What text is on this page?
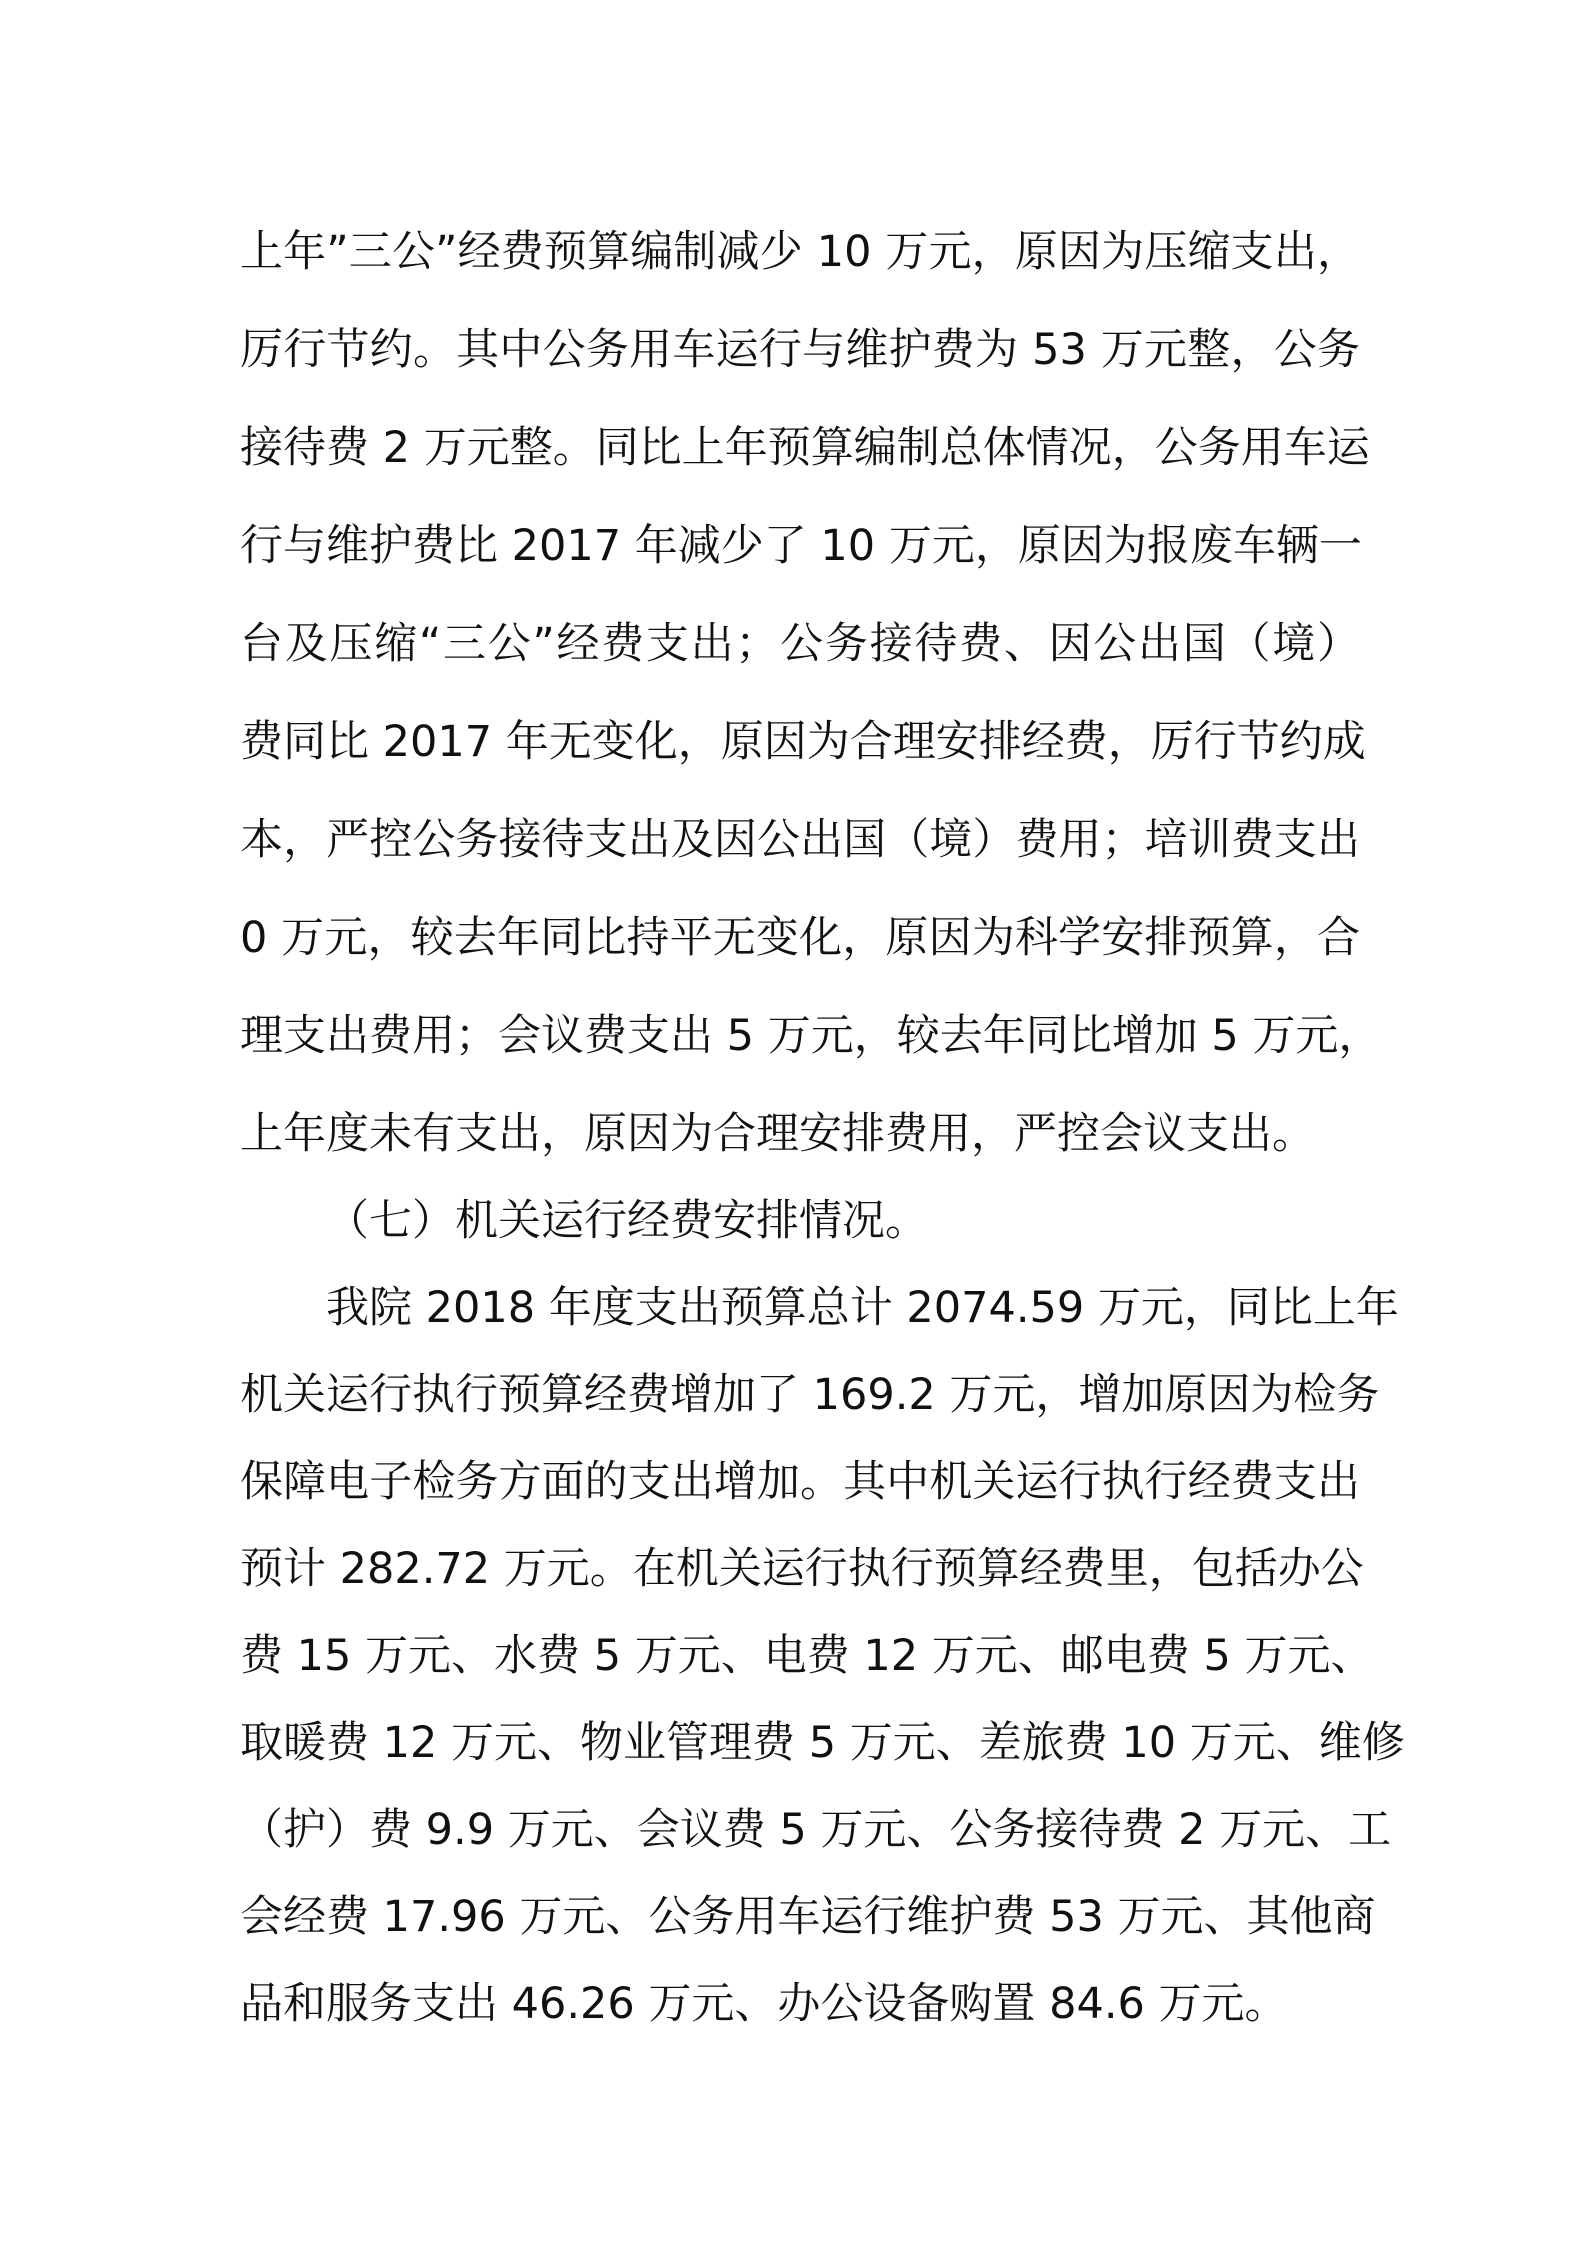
上年”三公”经费预算编制减少 10 万元，原因为压缩支出，
厉行节约。其中公务用车运行与维护费为 53 万元整，公务
接待费 2 万元整。同比上年预算编制总体情况，公务用车运
行与维护费比 2017 年减少了 10 万元，原因为报废车辆一
台及压缩“三公”经费支出；公务接待费、因公出国（境）
费同比 2017 年无变化，原因为合理安排经费，厉行节约成
本，严控公务接待支出及因公出国（境）费用；培训费支出
0 万元，较去年同比持平无变化，原因为科学安排预算，合
理支出费用；会议费支出 5 万元，较去年同比增加 5 万元，
上年度未有支出，原因为合理安排费用，严控会议支出。
（七）机关运行经费安排情况。
我院 2018 年度支出预算总计 2074.59 万元，同比上年
机关运行执行预算经费增加了 169.2 万元，增加原因为检务
保障电子检务方面的支出增加。其中机关运行执行经费支出
预计 282.72 万元。在机关运行执行预算经费里，包括办公
费 15 万元、水费 5 万元、电费 12 万元、邮电费 5 万元、
取暖费 12 万元、物业管理费 5 万元、差旅费 10 万元、维修
（护）费 9.9 万元、会议费 5 万元、公务接待费 2 万元、工
会经费 17.96 万元、公务用车运行维护费 53 万元、其他商
品和服务支出 46.26 万元、办公设备购置 84.6 万元。
